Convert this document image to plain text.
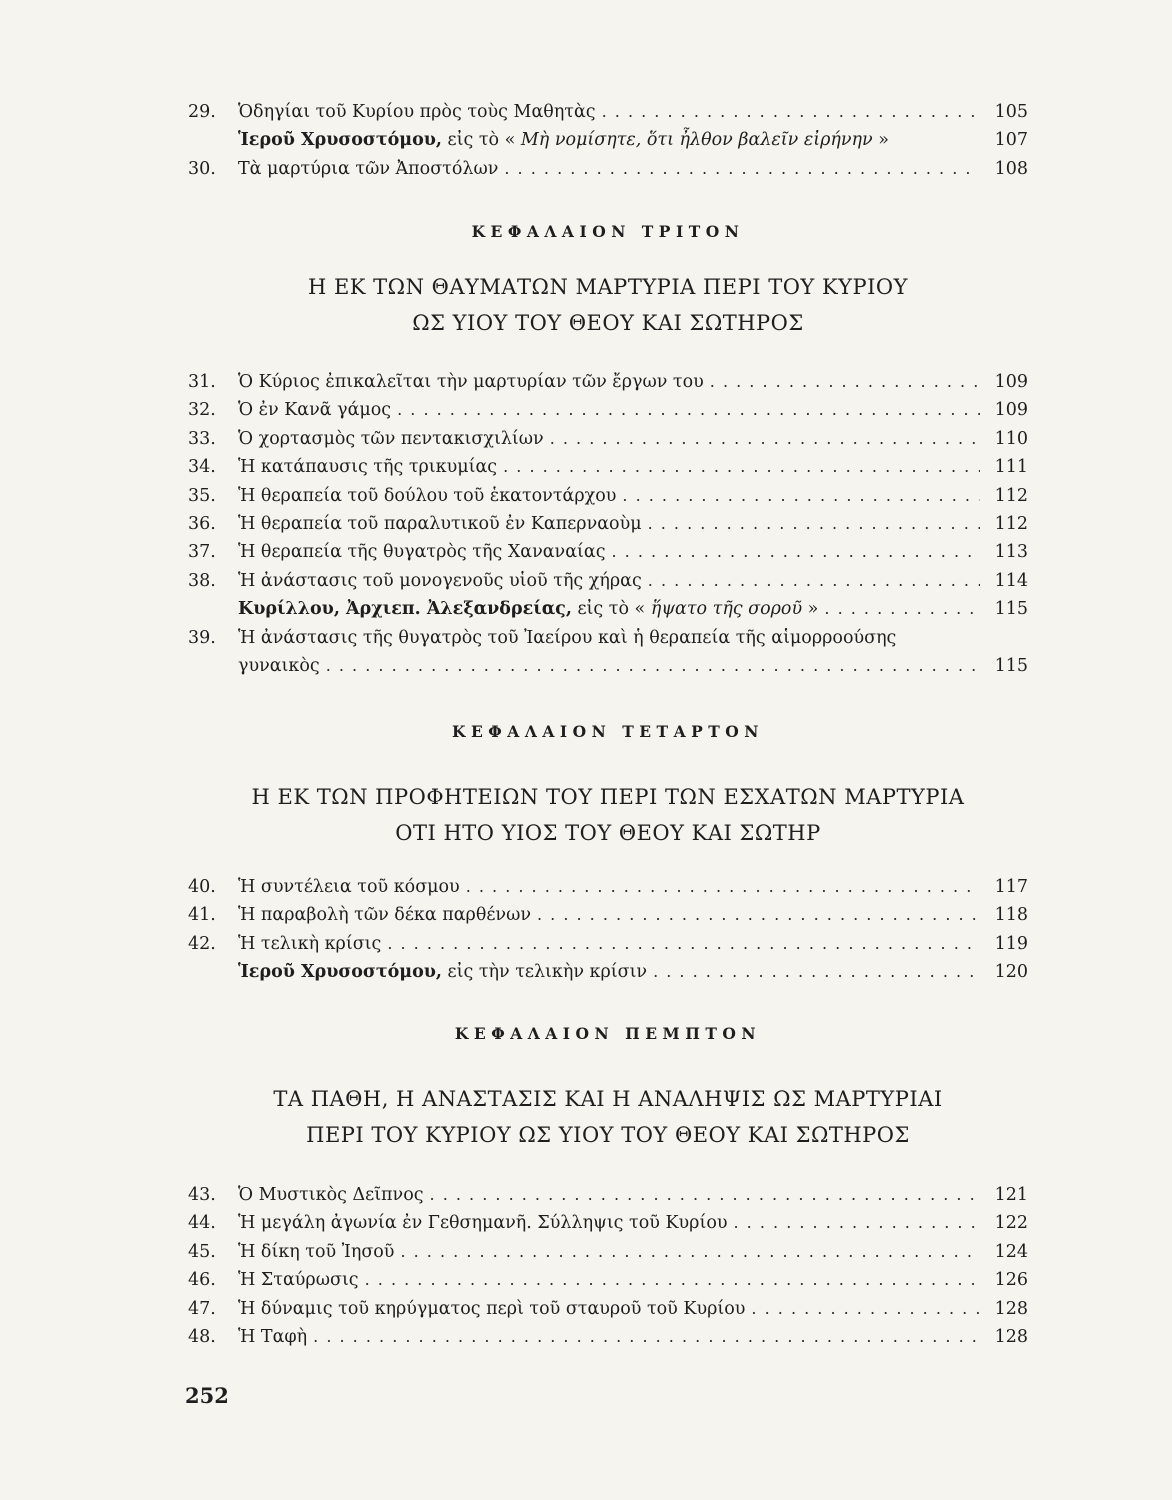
29.	Ὁδηγίαι τοῦ Κυρίου πρὸς τοὺς Μαθητὰς . . .	105
Ἱεροῦ Χρυσοστόμου, εἰς τὸ « Μὴ νομίσητε, ὅτι ἦλθον βαλεῖν εἰρήνην »	107
30.	Τὰ μαρτύρια τῶν Ἀποστόλων . . .	108
ΚΕΦΑΛΑΙΟΝ ΤΡΙΤΟΝ
Η ΕΚ ΤΩΝ ΘΑΥΜΑΤΩΝ ΜΑΡΤΥΡΙΑ ΠΕΡΙ ΤΟΥ ΚΥΡΙΟΥ
ΩΣ ΥΙΟΥ ΤΟΥ ΘΕΟΥ ΚΑΙ ΣΩΤΗΡΟΣ
31.	Ὁ Κύριος ἐπικαλεῖται τὴν μαρτυρίαν τῶν ἔργων του . . .	109
32.	Ὁ ἐν Κανᾶ γάμος . . .	109
33.	Ὁ χορτασμὸς τῶν πεντακισχιλίων . . .	110
34.	Ἡ κατάπαυσις τῆς τρικυμίας . . .	111
35.	Ἡ θεραπεία τοῦ δούλου τοῦ ἑκατοντάρχου . . .	112
36.	Ἡ θεραπεία τοῦ παραλυτικοῦ ἐν Καπερναοὺμ . . .	112
37.	Ἡ θεραπεία τῆς θυγατρὸς τῆς Χαναναίας . . .	113
38.	Ἡ ἀνάστασις τοῦ μονογενοῦς υἱοῦ τῆς χήρας . . .	114
Κυρίλλου, Ἀρχιεπ. Ἀλεξανδρείας, εἰς τὸ « ἥψατο τῆς σοροῦ » . . .	115
39.	Ἡ ἀνάστασις τῆς θυγατρὸς τοῦ Ἰαείρου καὶ ἡ θεραπεία τῆς αἱμορροούσης
γυναικὸς . . .	115
ΚΕΦΑΛΑΙΟΝ ΤΕΤΑΡΤΟΝ
Η ΕΚ ΤΩΝ ΠΡΟΦΗΤΕΙΩΝ ΤΟΥ ΠΕΡΙ ΤΩΝ ΕΣΧΑΤΩΝ ΜΑΡΤΥΡΙΑ
ΟΤΙ ΗΤΟ ΥΙΟΣ ΤΟΥ ΘΕΟΥ ΚΑΙ ΣΩΤΗΡ
40.	Ἡ συντέλεια τοῦ κόσμου . . .	117
41.	Ἡ παραβολὴ τῶν δέκα παρθένων . . .	118
42.	Ἡ τελικὴ κρίσις . . .	119
Ἱεροῦ Χρυσοστόμου, εἰς τὴν τελικὴν κρίσιν . . .	120
ΚΕΦΑΛΑΙΟΝ ΠΕΜΠΤΟΝ
ΤΑ ΠΑΘΗ, Η ΑΝΑΣΤΑΣΙΣ ΚΑΙ Η ΑΝΑΛΗΨΙΣ ΩΣ ΜΑΡΤΥΡΙΑΙ
ΠΕΡΙ ΤΟΥ ΚΥΡΙΟΥ ΩΣ ΥΙΟΥ ΤΟΥ ΘΕΟΥ ΚΑΙ ΣΩΤΗΡΟΣ
43.	Ὁ Μυστικὸς Δεῖπνος . . .	121
44.	Ἡ μεγάλη ἀγωνία ἐν Γεθσημανῆ. Σύλληψις τοῦ Κυρίου . . .	122
45.	Ἡ δίκη τοῦ Ἰησοῦ . . .	124
46.	Ἡ Σταύρωσις . . .	126
47.	Ἡ δύναμις τοῦ κηρύγματος περὶ τοῦ σταυροῦ τοῦ Κυρίου . . .	128
48.	Ἡ Ταφὴ . . .	128
252
